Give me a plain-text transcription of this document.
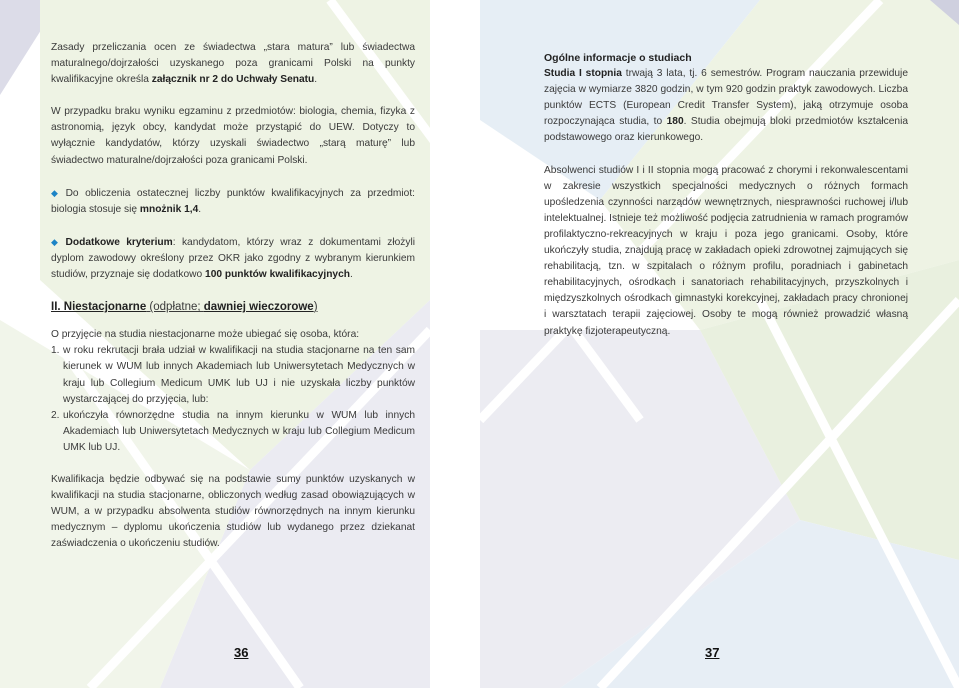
Zasady przeliczania ocen ze świadectwa „stara matura” lub świadectwa maturalnego/dojrzałości uzyskanego poza granicami Polski na punkty kwalifikacyjne określa załącznik nr 2 do Uchwały Senatu.

W przypadku braku wyniku egzaminu z przedmiotów: biologia, chemia, fizyka z astronomią, język obcy, kandydat może przystąpić do UEW. Dotyczy to wyłącznie kandydatów, którzy uzyskali świadectwo „starą maturę” lub świadectwo maturalne/dojrzałości poza granicami Polski.

◆ Do obliczenia ostatecznej liczby punktów kwalifikacyjnych za przedmiot: biologia stosuje się mnożnik 1,4.

◆ Dodatkowe kryterium: kandydatom, którzy wraz z dokumentami złożyli dyplom zawodowy określony przez OKR jako zgodny z wybranym kierunkiem studiów, przyznaje się dodatkowo 100 punktów kwalifikacyjnych.

II. Niestacjonarne (odpłatne; dawniej wieczorowe)

O przyjęcie na studia niestacjonarne może ubiegać się osoba, która:

1. w roku rekrutacji brała udział w kwalifikacji na studia stacjonarne na ten sam kierunek w WUM lub innych Akademiach lub Uniwersytetach Medycznych w kraju lub Collegium Medicum UMK lub UJ i nie uzyskała liczby punktów wystarczającej do przyjęcia, lub:
2. ukończyła równorzędne studia na innym kierunku w WUM lub innych Akademiach lub Uniwersytetach Medycznych w kraju lub Collegium Medicum UMK lub UJ.

Kwalifikacja będzie odbywać się na podstawie sumy punktów uzyskanych w kwalifikacji na studia stacjonarne, obliczonych według zasad obowiązujących w WUM, a w przypadku absolwenta studiów równorzędnych na innym kierunku medycznym – dyplomu ukończenia studiów lub wydanego przez dziekanat zaświadczenia o ukończeniu studiów.

Ogólne informacje o studiach

Studia I stopnia trwają 3 lata, tj. 6 semestrów. Program nauczania przewiduje zajęcia w wymiarze 3820 godzin, w tym 920 godzin praktyk zawodowych. Liczba punktów ECTS (European Credit Transfer System), jaką otrzymuje osoba rozpoczynająca studia, to 180. Studia obejmują bloki przedmiotów kształcenia podstawowego oraz kierunkowego.

Absolwenci studiów I i II stopnia mogą pracować z chorymi i rekonwalescentami w zakresie wszystkich specjalności medycznych o różnych formach upośledzenia czynności narządów wewnętrznych, niesprawności ruchowej i/lub intelektualnej. Istnieje też możliwość podjęcia zatrudnienia w ramach programów profilaktyczno-rekreacyjnych w kraju i poza jego granicami. Osoby, które ukończyły studia, znajdują pracę w zakładach opieki zdrowotnej zajmujących się rehabilitacją, tzn. w szpitalach o różnym profilu, poradniach i gabinetach rehabilitacyjnych, ośrodkach i sanatoriach rehabilitacyjnych, przyszkolnych i międzyszkolnych ośrodkach gimnastyki korekcyjnej, zakładach pracy chronionej i warsztatach terapii zajęciowej. Osoby te mogą również prowadzić własną praktykę fizjoterapeutyczną.

36	37
